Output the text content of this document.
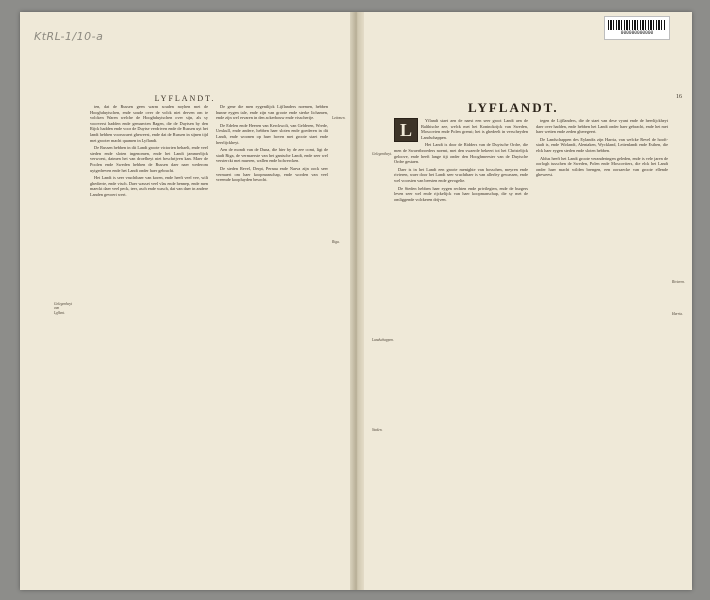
KtRL-1/10-a
LYFLANDT.

ten, dat de Russen geen warm souden noyhen met de Hooghduytschen, ende soude over de volck niet derven om te volcken Waren welche de Hooghduytschen over sijn, als sy voorverst hadden ende gemaecten Bagen, die de Duytsen by den Rijck hadden ende voor de Duytse verdriven ende de Russen uyt het landt hebben voorswaert gheweest, ende dat de Russen in sijnen tijd met grooter macht quamen in Lyflandt.

De Russen hebben in dit Landt groote victorien behaelt, ende veel steden ende sloten ingenomen, ende het Landt jammerlijck verwoest, datmen het van droefheyt niet beschrijven kan. Maer de Poolen ende Sweden hebben de Russen daer naer wederom uytgedreven ende het Landt onder haer gebracht.

Het Landt is seer vruchtbaer van koren, ende heeft veel vee, wilt ghedierte, ende visch. Daer wasset veel vlas ende hennep, ende men maeckt daer veel peck, teer, asch ende wasch, dat van daer in andere Landen gevoert wert.

De gene die men eygentlijck Lijflanders noemen, hebben hunne eygen tale, ende zijn van groote ende sterke lichamen, ende zijn wel ervaren in den ackerbouw ende visscherije.

De Edelen ende Heeren van Kerckwolt, van Gelderen, Wrede, Uexkull, ende andere, hebben haer sloten ende goederen in dit Landt, ende woonen op haer hoven met groote staet ende heerlijckheyt.

Aen de mondt van de Duna, die hier by de zee comt, ligt de stadt Riga, de vermaerste van het gantsche Landt, ende seer wel versterckt met mueren, wallen ende bolwercken.

De steden Revel, Derpt, Pernau ende Narva zijn oock seer vermaert om haer koopmanschap, ende worden van veel vreemde koopluyden besocht.

Gelegenheyt van Lyflant.
Lettonen.
Riga.
16
LYFLANDT.
L	Yflandt staet aen de naest een seer groot Landt aen de Balthische zee, welck met het Koninckrijck van Sweden, Moscovien ende Polen grenst; het is ghedeelt in verscheyden Landschappen.

Het Landt is door de Ridders van de Duytsche Ordre, die men de Swaertbroeders noemt, met den swaerde bekeert tot het Christelijck geloove, ende heeft lange tijt onder den Hooghmeester van de Duytsche Ordre gestaen.

Daer is in het Landt een groote menighte van bosschen, meyren ende rivieren, waer door het Landt seer vruchtbaer is van allerley gewassen, ende wel voorsien van beesten ende gevogelte.

De Steden hebben haer eygen rechten ende privilegien, ende de burgers leven seer wel ende rijckelijck van haer koopmanschap, die sy met de omliggende volckeren drijven.

tegen de Lijflanders, die de staet van dese vyant ende de heerlijckheyt daer over hadden, ende hebben het Landt onder haer gebracht, ende het met haer wetten ende zeden gheregeert.

De Landschappen des Eylandts zijn Harria, van welcke Revel de hooft-stadt is, ende Wirlandt, Alentaken, Wyckland, Lettenlandt ende Esthen, die elck haer eygen steden ende sloten hebben.

Aldus heeft het Landt groote veranderingen geleden, ende is vele jaren de oorlogh tusschen de Sweden, Polen ende Moscoviters, die elck het Landt onder haer macht wilden brengen, een oorsaecke van groote ellende gheweest.

Gelegentheyt.
Landschappen.
Steden.
Rivieren.
Harria.
000000000000
